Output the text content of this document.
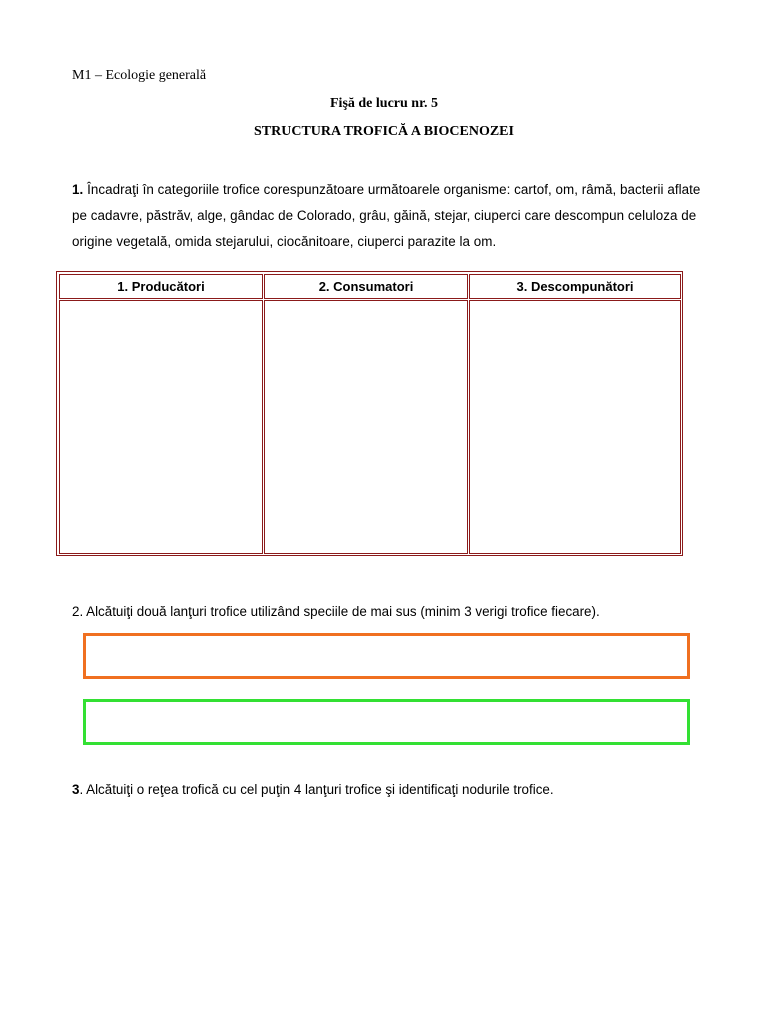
M1 – Ecologie generală
Fişă de lucru nr. 5
STRUCTURA TROFICĂ A BIOCENOZEI
1. Încadraţi în categoriile trofice corespunzătoare următoarele organisme: cartof, om, râmă, bacterii aflate pe cadavre, păstrăv, alge, gândac de Colorado, grâu, găină, stejar, ciuperci care descompun celuloza de origine vegetală, omida stejarului, ciocănitoare, ciuperci parazite la om.
1. Producători	2. Consumatori	3. Descompunători
2. Alcătuiţi două lanţuri trofice utilizând speciile de mai sus (minim 3 verigi trofice fiecare).
3. Alcătuiţi o reţea trofică cu cel puţin 4 lanţuri trofice şi identificaţi nodurile trofice.
